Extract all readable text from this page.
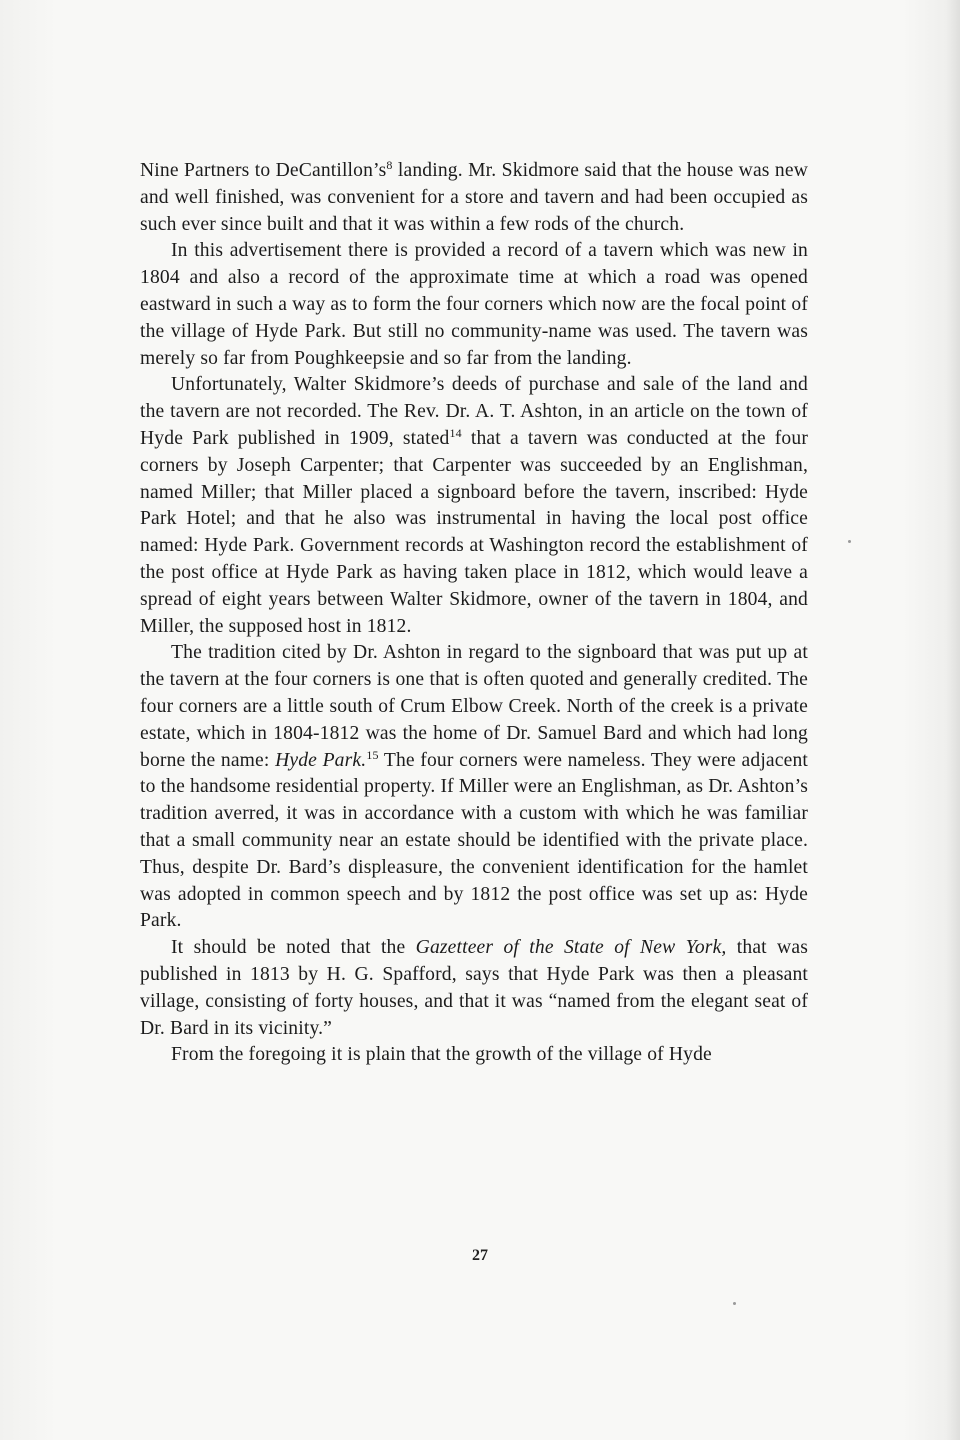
Nine Partners to $DeCantillon’s^8$ landing. Mr. Skidmore said that the house was new and well finished, was convenient for a store and tavern and had been occupied as such ever since built and that it was within a few rods of the church.

In this advertisement there is provided a record of a tavern which was new in 1804 and also a record of the approximate time at which a road was opened eastward in such a way as to form the four corners which now are the focal point of the village of Hyde Park. But still no community-name was used. The tavern was merely so far from Poughkeepsie and so far from the landing.

Unfortunately, Walter Skidmore’s deeds of purchase and sale of the land and the tavern are not recorded. The Rev. Dr. A. T. Ashton, in an article on the town of Hyde Park published in 1909, stated$^{14}$ that a tavern was conducted at the four corners by Joseph Carpenter; that Carpenter was succeeded by an Englishman, named Miller; that Miller placed a signboard before the tavern, inscribed: Hyde Park Hotel; and that he also was instrumental in having the local post office named: Hyde Park. Government records at Washington record the establishment of the post office at Hyde Park as having taken place in 1812, which would leave a spread of eight years between Walter Skidmore, owner of the tavern in 1804, and Miller, the supposed host in 1812.

The tradition cited by Dr. Ashton in regard to the signboard that was put up at the tavern at the four corners is one that is often quoted and generally credited. The four corners are a little south of Crum Elbow Creek. North of the creek is a private estate, which in 1804-1812 was the home of Dr. Samuel Bard and which had long borne the name: Hyde Park.$^{15}$ The four corners were nameless. They were adjacent to the handsome residential property. If Miller were an Englishman, as Dr. Ashton’s tradition averred, it was in accordance with a custom with which he was familiar that a small community near an estate should be identified with the private place. Thus, despite Dr. Bard’s displeasure, the convenient identification for the hamlet was adopted in common speech and by 1812 the post office was set up as: Hyde Park.

It should be noted that the Gazetteer of the State of New York, that was published in 1813 by H. G. Spafford, says that Hyde Park was then a pleasant village, consisting of forty houses, and that it was “named from the elegant seat of Dr. Bard in its vicinity.”

From the foregoing it is plain that the growth of the village of Hyde

27
